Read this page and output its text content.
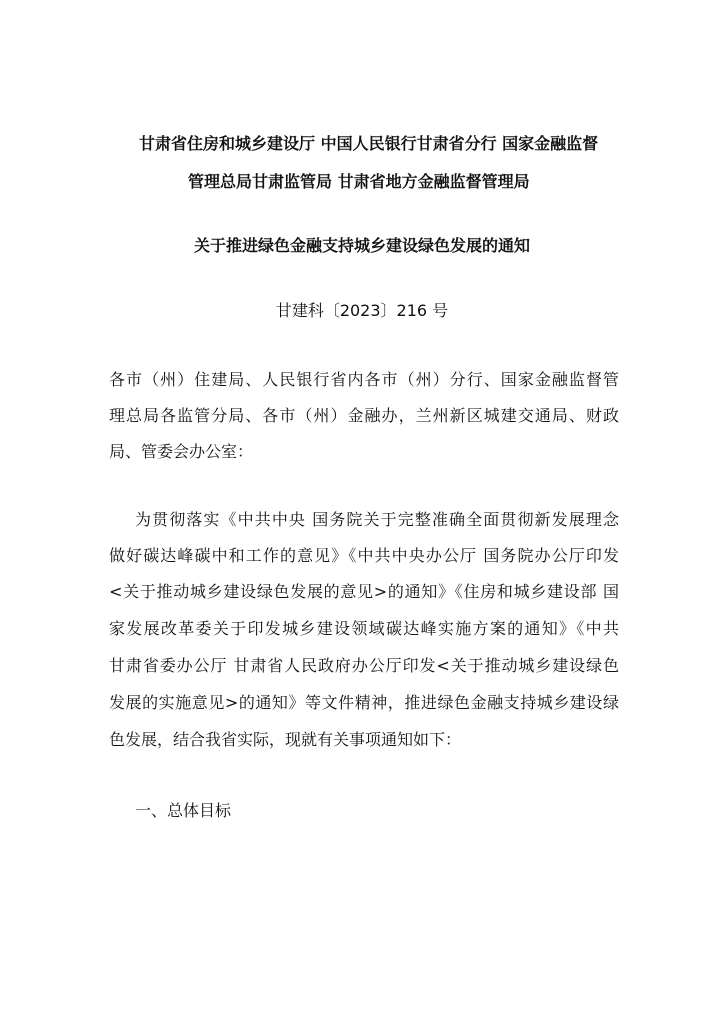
甘肃省住房和城乡建设厅 中国人民银行甘肃省分行 国家金融监督
管理总局甘肃监管局 甘肃省地方金融监督管理局
关于推进绿色金融支持城乡建设绿色发展的通知
甘建科〔2023〕216 号
各市（州）住建局、人民银行省内各市（州）分行、国家金融监督管
理总局各监管分局、各市（州）金融办，兰州新区城建交通局、财政
局、管委会办公室：
为贯彻落实《中共中央 国务院关于完整准确全面贯彻新发展理念
做好碳达峰碳中和工作的意见》《中共中央办公厅 国务院办公厅印发
<关于推动城乡建设绿色发展的意见>的通知》《住房和城乡建设部 国
家发展改革委关于印发城乡建设领域碳达峰实施方案的通知》《中共
甘肃省委办公厅 甘肃省人民政府办公厅印发<关于推动城乡建设绿色
发展的实施意见>的通知》等文件精神，推进绿色金融支持城乡建设绿
色发展，结合我省实际，现就有关事项通知如下：
一、总体目标
